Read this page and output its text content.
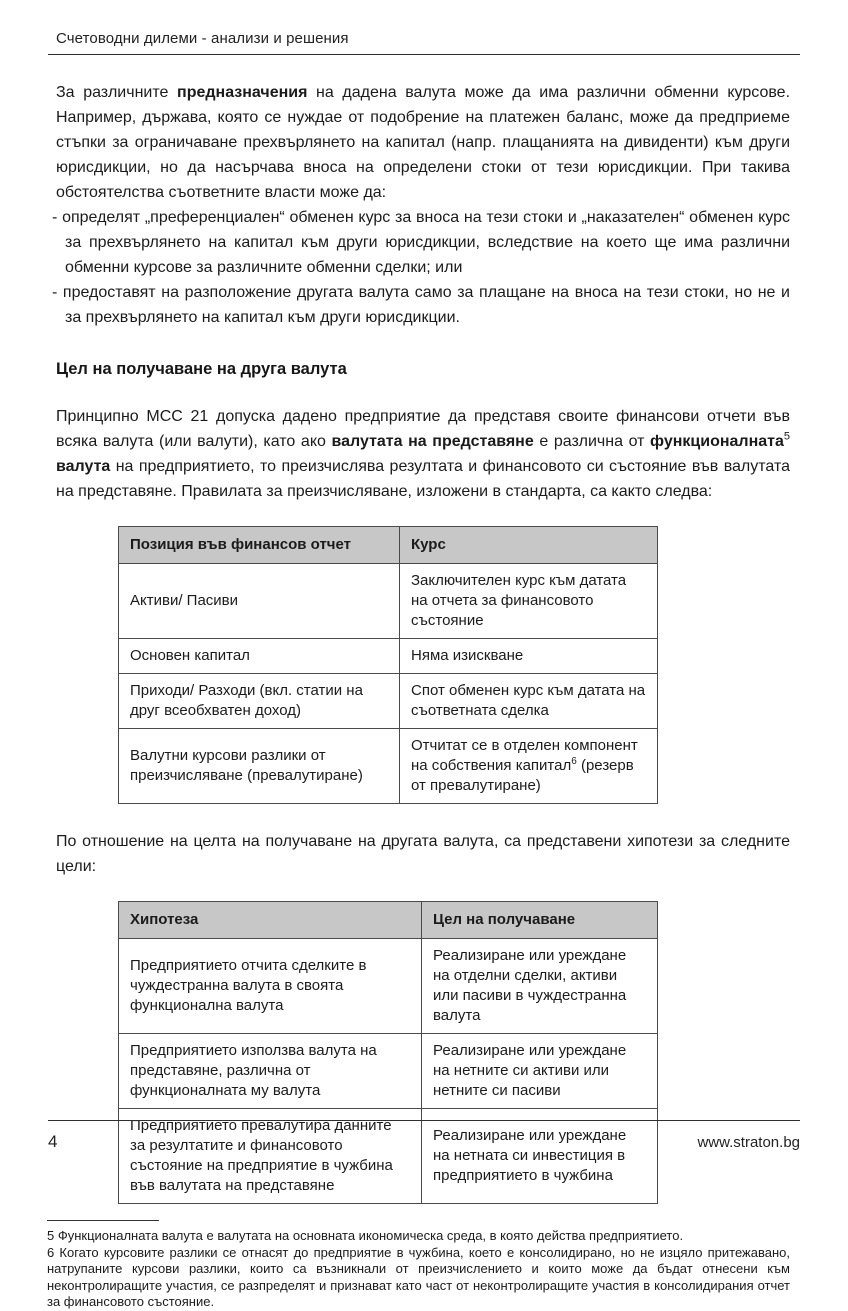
Счетоводни дилеми - анализи и решения

За различните предназначения на дадена валута може да има различни обменни курсове. Например, държава, която се нуждае от подобрение на платежен баланс, може да предприеме стъпки за ограничаване прехвърлянето на капитал (напр. плащанията на дивиденти) към други юрисдикции, но да насърчава вноса на определени стоки от тези юрисдикции. При такива обстоятелства съответните власти може да:

- определят „преференциален“ обменен курс за вноса на тези стоки и „наказателен“ обменен курс за прехвърлянето на капитал към други юрисдикции, вследствие на което ще има различни обменни курсове за различните обменни сделки; или
- предоставят на разположение другата валута само за плащане на вноса на тези стоки, но не и за прехвърлянето на капитал към други юрисдикции.
Цел на получаване на друга валута

Принципно МСС 21 допуска дадено предприятие да представя своите финансови отчети във всяка валута (или валути), като ако валутата на представяне е различна от функционалната$^5$ валута на предприятието, то преизчислява резултата и финансовото си състояние във валутата на представяне. Правилата за преизчисляване, изложени в стандарта, са както следва:

Позиция във финансов отчет	Курс
Активи/ Пасиви	Заключителен курс към датата на отчета за финансовото състояние
Основен капитал	Няма изискване
Приходи/ Разходи (вкл. статии на друг всеобхватен доход)	Спот обменен курс към датата на съответната сделка
Валутни курсови разлики от преизчисляване (превалутиране)	Отчитат се в отделен компонент на собствения капитал$^6$ (резерв от превалутиране)

По отношение на целта на получаване на другата валута, са представени хипотези за следните цели:

Хипотеза	Цел на получаване
Предприятието отчита сделките в чуждестранна валута в своята функционална валута	Реализиране или уреждане на отделни сделки, активи или пасиви в чуждестранна валута
Предприятието използва валута на представяне, различна от функционалната му валута	Реализиране или уреждане на нетните си активи или нетните си пасиви
Предприятието превалутира данните за резултатите и финансовото състояние на предприятие в чужбина във валутата на представяне	Реализиране или уреждане на нетната си инвестиция в предприятието в чужбина

5 Функционалната валута е валутата на основната икономическа среда, в която действа предприятието.

6 Когато курсовите разлики се отнасят до предприятие в чужбина, което е консолидирано, но не изцяло притежавано, натрупаните курсови разлики, които са възникнали от преизчислението и които може да бъдат отнесени към неконтролиращите участия, се разпределят и признават като част от неконтролиращите участия в консолидирания отчет за финансовото състояние.

4	www.straton.bg
